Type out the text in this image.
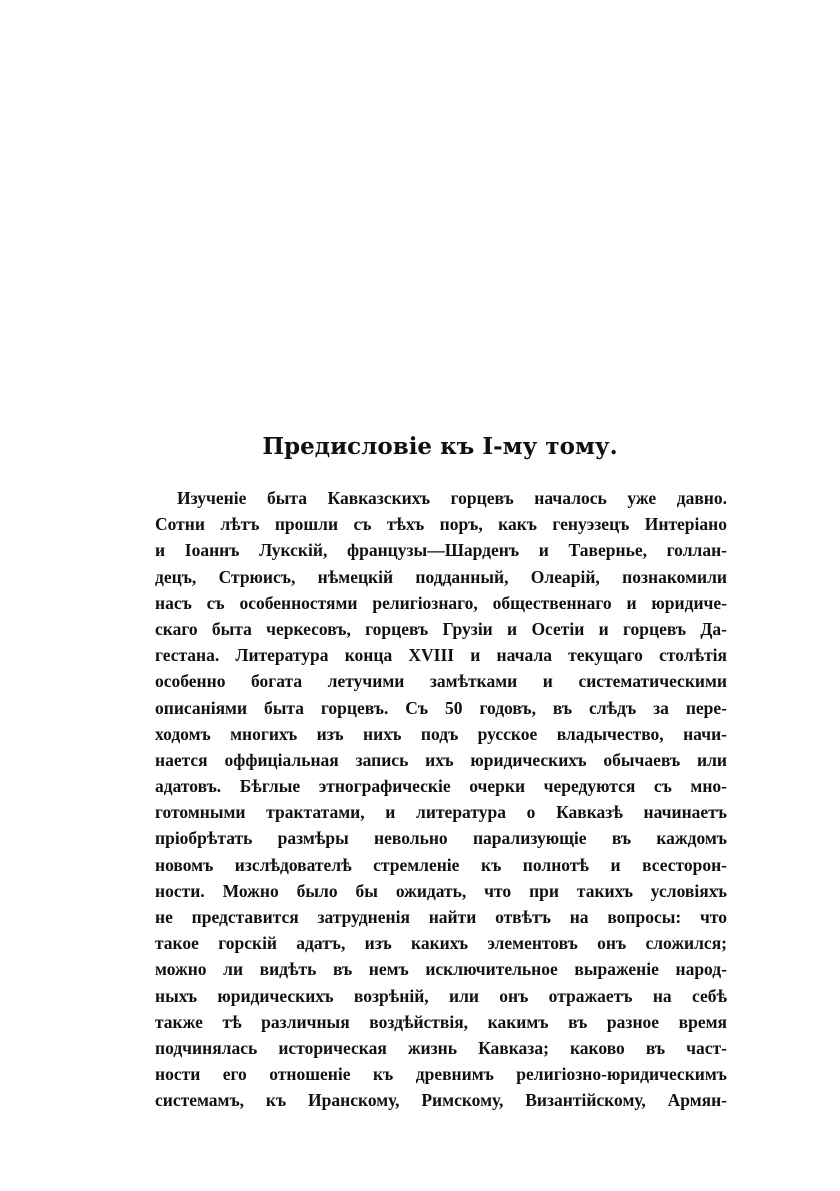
Предисловіе къ I-му тому.
Изученіе быта Кавказскихъ горцевъ началось уже давно.
Сотни лѣтъ прошли съ тѣхъ поръ, какъ генуэзецъ Интеріано
и Іоаннъ Лукскій, французы—Шарденъ и Тавернье, голлан-
децъ, Стрюисъ, нѣмецкій подданный, Олеарій, познакомили
насъ съ особенностями религіознаго, общественнаго и юридиче-
скаго быта черкесовъ, горцевъ Грузіи и Осетіи и горцевъ Да-
гестана. Литература конца XVIII и начала текущаго столѣтія
особенно богата летучими замѣтками и систематическими
описаніями быта горцевъ. Съ 50 годовъ, въ слѣдъ за пере-
ходомъ многихъ изъ нихъ подъ русское владычество, начи-
нается оффиціальная запись ихъ юридическихъ обычаевъ или
адатовъ. Бѣглые этнографическіе очерки чередуются съ мно-
готомными трактатами, и литература о Кавказѣ начинаетъ
пріобрѣтать размѣры невольно парализующіе въ каждомъ
новомъ изслѣдователѣ стремленіе къ полнотѣ и всесторон-
ности. Можно было бы ожидать, что при такихъ условіяхъ
не представится затрудненія найти отвѣтъ на вопросы: что
такое горскій адатъ, изъ какихъ элементовъ онъ сложился;
можно ли видѣть въ немъ исключительное выраженіе народ-
ныхъ юридическихъ возрѣній, или онъ отражаетъ на себѣ
также тѣ различныя воздѣйствія, какимъ въ разное время
подчинялась историческая жизнь Кавказа; каково въ част-
ности его отношеніе къ древнимъ религіозно-юридическимъ
системамъ, къ Иранскому, Римскому, Византійскому, Армян-
